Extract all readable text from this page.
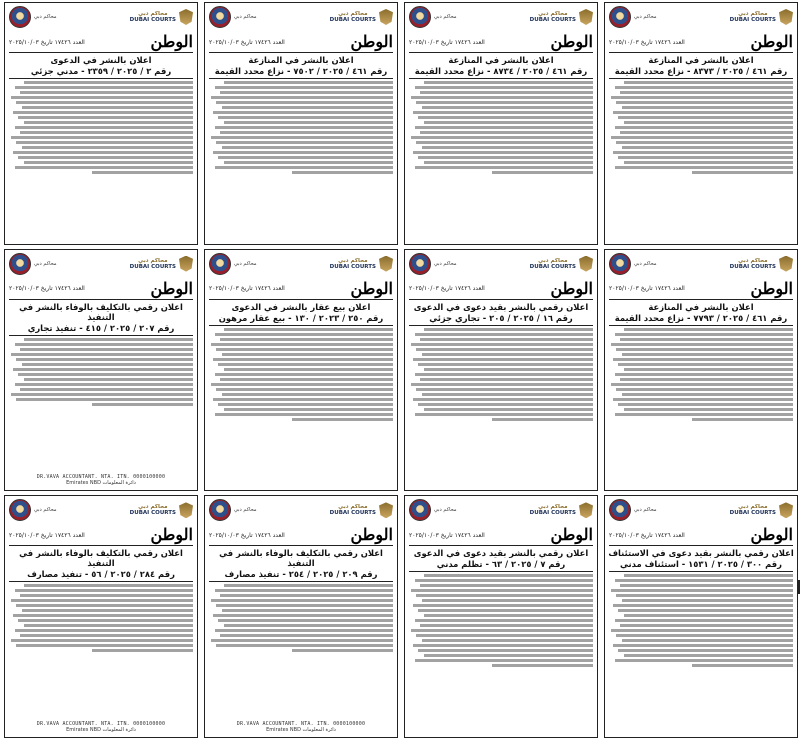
محاكم دبي
DUBAI COURTS
محاكم دبي
الوطن
العدد ١٧٤٢٦ تاريخ ٢٠٢٥/١٠/٠٣
اعلان بالنشر في المنازعة
رقم ٤٦١ / ٢٠٢٥ / ٨٣٧٣ - نزاع محدد القيمة
محاكم دبي
DUBAI COURTS
محاكم دبي
الوطن
العدد ١٧٤٢٦ تاريخ ٢٠٢٥/١٠/٠٣
اعلان بالنشر في المنازعة
رقم ٤٦١ / ٢٠٢٥ / ٨٧٣٤ - نزاع محدد القيمة
محاكم دبي
DUBAI COURTS
محاكم دبي
الوطن
العدد ١٧٤٢٦ تاريخ ٢٠٢٥/١٠/٠٣
اعلان بالنشر في المنازعة
رقم ٤٦١ / ٢٠٢٥ / ٧٥٠٢ - نزاع محدد القيمة
محاكم دبي
DUBAI COURTS
محاكم دبي
الوطن
العدد ١٧٤٢٦ تاريخ ٢٠٢٥/١٠/٠٣
اعلان بالنشر في الدعوى
رقم ٢ / ٢٠٢٥ / ٢٣٥٩ - مدني جزئي
محاكم دبي
DUBAI COURTS
محاكم دبي
الوطن
العدد ١٧٤٢٦ تاريخ ٢٠٢٥/١٠/٠٣
اعلان بالنشر في المنازعة
رقم ٤٦١ / ٢٠٢٥ / ٧٧٩٣ - نزاع محدد القيمة
محاكم دبي
DUBAI COURTS
محاكم دبي
الوطن
العدد ١٧٤٢٦ تاريخ ٢٠٢٥/١٠/٠٣
اعلان رقمي بالنشر بقيد دعوى في الدعوى
رقم ١٦ / ٢٠٢٥ / ٢٠٥ - تجاري جزئي
محاكم دبي
DUBAI COURTS
محاكم دبي
الوطن
العدد ١٧٤٢٦ تاريخ ٢٠٢٥/١٠/٠٣
اعلان بيع عقار بالنشر في الدعوى
رقم ٢٥٠ / ٢٠٢٣ / ١٣٠ - بيع عقار مرهون
محاكم دبي
DUBAI COURTS
محاكم دبي
الوطن
العدد ١٧٤٢٦ تاريخ ٢٠٢٥/١٠/٠٣
اعلان رقمي بالتكليف بالوفاء بالنشر في التنفيذ
رقم ٢٠٧ / ٢٠٢٥ / ٤١٥ - تنفيذ تجاري
DR.VAVA ACCOUNTANT. NTA. ITN. 0000100000
Emirates NBD دائرة المعلومات
محاكم دبي
DUBAI COURTS
محاكم دبي
الوطن
العدد ١٧٤٢٦ تاريخ ٢٠٢٥/١٠/٠٣
اعلان رقمي بالنشر بقيد دعوى في الاستئناف
رقم ٣٠٠ / ٢٠٢٥ / ١٥٣١ - استئناف مدني
محاكم دبي
DUBAI COURTS
محاكم دبي
الوطن
العدد ١٧٤٢٦ تاريخ ٢٠٢٥/١٠/٠٣
اعلان رقمي بالنشر بقيد دعوى في الدعوى
رقم ٧ / ٢٠٢٥ / ٦٣ - تظلم مدني
محاكم دبي
DUBAI COURTS
محاكم دبي
الوطن
العدد ١٧٤٢٦ تاريخ ٢٠٢٥/١٠/٠٣
اعلان رقمي بالتكليف بالوفاء بالنشر في التنفيذ
رقم ٢٠٩ / ٢٠٢٥ / ٢٥٤ - تنفيذ مصارف
DR.VAVA ACCOUNTANT. NTA. ITN. 0000100000
Emirates NBD دائرة المعلومات
محاكم دبي
DUBAI COURTS
محاكم دبي
الوطن
العدد ١٧٤٢٦ تاريخ ٢٠٢٥/١٠/٠٣
اعلان رقمي بالتكليف بالوفاء بالنشر في التنفيذ
رقم ٢٨٤ / ٢٠٢٥ / ٥٦ - تنفيذ مصارف
DR.VAVA ACCOUNTANT. NTA. ITN. 0000100000
Emirates NBD دائرة المعلومات
